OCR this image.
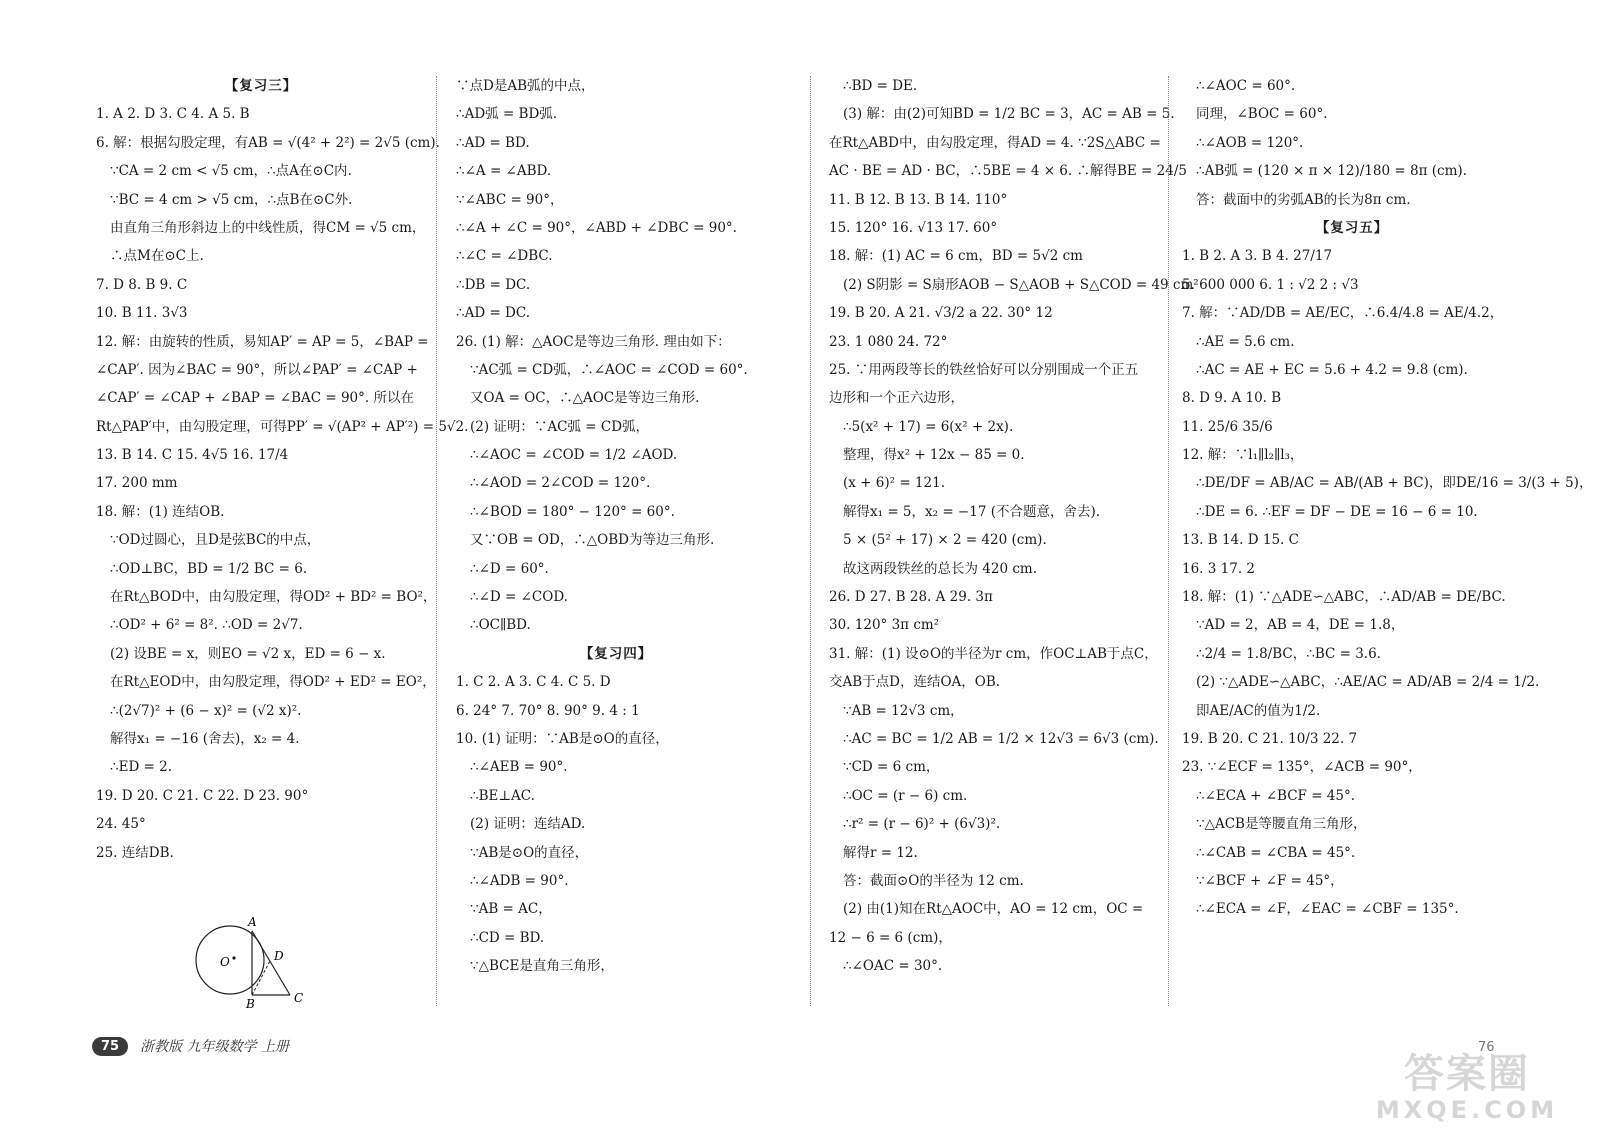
【复习三】
1. A 2. D 3. C 4. A 5. B
6. 解：根据勾股定理，有AB = √(4² + 2²) = 2√5 (cm).
∵CA = 2 cm < √5 cm，∴点A在⊙C内.
∵BC = 4 cm > √5 cm，∴点B在⊙C外.
由直角三角形斜边上的中线性质，得CM = √5 cm，
∴点M在⊙C上.
7. D 8. B 9. C
10. B 11. 3√3
12. 解：由旋转的性质，易知AP′ = AP = 5，∠BAP =
∠CAP′. 因为∠BAC = 90°，所以∠PAP′ = ∠CAP +
∠CAP′ = ∠CAP + ∠BAP = ∠BAC = 90°. 所以在
Rt△PAP′中，由勾股定理，可得PP′ = √(AP² + AP′²) = 5√2.
13. B 14. C 15. 4√5 16. 17/4
17. 200 mm
18. 解：(1) 连结OB.
∵OD过圆心，且D是弦BC的中点，
∴OD⊥BC，BD = 1/2 BC = 6.
在Rt△BOD中，由勾股定理，得OD² + BD² = BO²，
∴OD² + 6² = 8². ∴OD = 2√7.
(2) 设BE = x，则EO = √2 x，ED = 6 − x.
在Rt△EOD中，由勾股定理，得OD² + ED² = EO²，
∴(2√7)² + (6 − x)² = (√2 x)².
解得x₁ = −16 (舍去)，x₂ = 4.
∴ED = 2.
19. D 20. C 21. C 22. D 23. 90°
24. 45°
25. 连结DB.
∵点D是AB弧的中点，
∴AD弧 = BD弧.
∴AD = BD.
∴∠A = ∠ABD.
∵∠ABC = 90°，
∴∠A + ∠C = 90°，∠ABD + ∠DBC = 90°.
∴∠C = ∠DBC.
∴DB = DC.
∴AD = DC.
26. (1) 解：△AOC是等边三角形. 理由如下：
∵AC弧 = CD弧，∴∠AOC = ∠COD = 60°.
又OA = OC，∴△AOC是等边三角形.
(2) 证明：∵AC弧 = CD弧，
∴∠AOC = ∠COD = 1/2 ∠AOD.
∴∠AOD = 2∠COD = 120°.
∴∠BOD = 180° − 120° = 60°.
又∵OB = OD，∴△OBD为等边三角形.
∴∠D = 60°.
∴∠D = ∠COD.
∴OC∥BD.
【复习四】
1. C 2. A 3. C 4. C 5. D
6. 24° 7. 70° 8. 90° 9. 4 : 1
10. (1) 证明：∵AB是⊙O的直径，
∴∠AEB = 90°.
∴BE⊥AC.
(2) 证明：连结AD.
∵AB是⊙O的直径，
∴∠ADB = 90°.
∵AB = AC，
∴CD = BD.
∵△BCE是直角三角形，
∴BD = DE.
(3) 解：由(2)可知BD = 1/2 BC = 3，AC = AB = 5.
在Rt△ABD中，由勾股定理，得AD = 4. ∵2S△ABC =
AC · BE = AD · BC，∴5BE = 4 × 6. ∴解得BE = 24/5
11. B 12. B 13. B 14. 110°
15. 120° 16. √13 17. 60°
18. 解：(1) AC = 6 cm，BD = 5√2 cm
(2) S阴影 = S扇形AOB − S△AOB + S△COD = 49 cm²
19. B 20. A 21. √3/2 a 22. 30° 12
23. 1 080 24. 72°
25. ∵用两段等长的铁丝恰好可以分别围成一个正五
边形和一个正六边形，
∴5(x² + 17) = 6(x² + 2x).
整理，得x² + 12x − 85 = 0.
(x + 6)² = 121.
解得x₁ = 5，x₂ = −17 (不合题意，舍去).
5 × (5² + 17) × 2 = 420 (cm).
故这两段铁丝的总长为 420 cm.
26. D 27. B 28. A 29. 3π
30. 120° 3π cm²
31. 解：(1) 设⊙O的半径为r cm，作OC⊥AB于点C，
交AB于点D，连结OA，OB.
∵AB = 12√3 cm，
∴AC = BC = 1/2 AB = 1/2 × 12√3 = 6√3 (cm).
∵CD = 6 cm，
∴OC = (r − 6) cm.
∴r² = (r − 6)² + (6√3)².
解得r = 12.
答：截面⊙O的半径为 12 cm.
(2) 由(1)知在Rt△AOC中，AO = 12 cm，OC =
12 − 6 = 6 (cm)，
∴∠OAC = 30°.
∴∠AOC = 60°.
同理，∠BOC = 60°.
∴∠AOB = 120°.
∴AB弧 = (120 × π × 12)/180 = 8π (cm).
答：截面中的劣弧AB的长为8π cm.
【复习五】
1. B 2. A 3. B 4. 27/17
5. 600 000 6. 1 : √2 2 : √3
7. 解：∵AD/DB = AE/EC，∴6.4/4.8 = AE/4.2，
∴AE = 5.6 cm.
∴AC = AE + EC = 5.6 + 4.2 = 9.8 (cm).
8. D 9. A 10. B
11. 25/6 35/6
12. 解：∵l₁∥l₂∥l₃，
∴DE/DF = AB/AC = AB/(AB + BC)，即DE/16 = 3/(3 + 5)，
∴DE = 6. ∴EF = DF − DE = 16 − 6 = 10.
13. B 14. D 15. C
16. 3 17. 2
18. 解：(1) ∵△ADE∽△ABC，∴AD/AB = DE/BC.
∵AD = 2，AB = 4，DE = 1.8，
∴2/4 = 1.8/BC，∴BC = 3.6.
(2) ∵△ADE∽△ABC，∴AE/AC = AD/AB = 2/4 = 1/2.
即AE/AC的值为1/2.
19. B 20. C 21. 10/3 22. 7
23. ∵∠ECF = 135°，∠ACB = 90°，
∴∠ECA + ∠BCF = 45°.
∵△ACB是等腰直角三角形，
∴∠CAB = ∠CBA = 45°.
∵∠BCF + ∠F = 45°，
∴∠ECA = ∠F，∠EAC = ∠CBF = 135°.
A
O	D
B	C
75	浙教版 九年级数学 上册	76
答案圈
MXQE.COM
